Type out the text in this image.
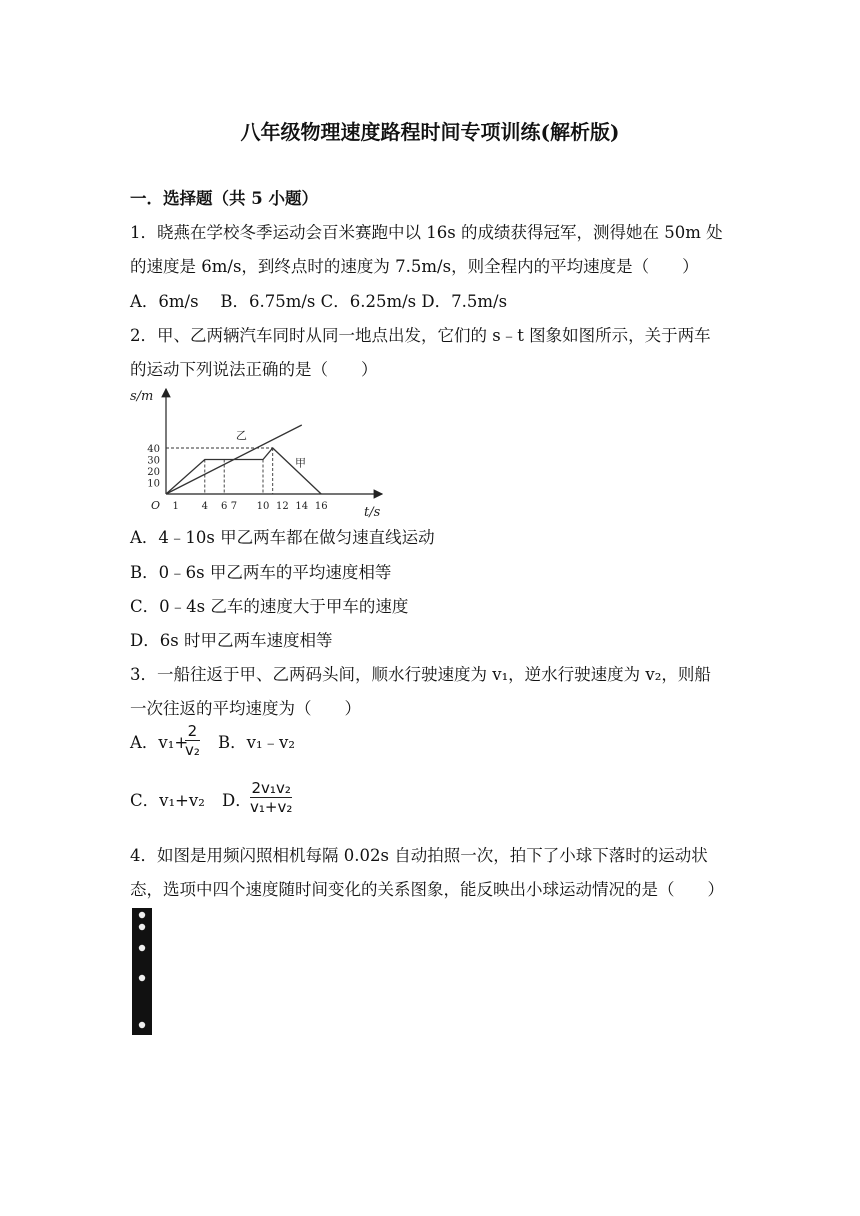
八年级物理速度路程时间专项训练(解析版)
一．选择题（共 5 小题）
1．晓燕在学校冬季运动会百米赛跑中以 16s 的成绩获得冠军，测得她在 50m 处
的速度是 6m/s，到终点时的速度为 7.5m/s，则全程内的平均速度是（　　）
A．6m/s　 B．6.75m/s C．6.25m/s D．7.5m/s
2．甲、乙两辆汽车同时从同一地点出发，它们的 s﹣t 图象如图所示，关于两车
的运动下列说法正确的是（　　）
乙
甲
1 4 6 7 10 12 14 16
10
20
30
40
O
s/m
t/s
A．4﹣10s 甲乙两车都在做匀速直线运动
B．0﹣6s 甲乙两车的平均速度相等
C．0﹣4s 乙车的速度大于甲车的速度
D．6s 时甲乙两车速度相等
3．一船往返于甲、乙两码头间，顺水行驶速度为 v₁，逆水行驶速度为 v₂，则船
一次往返的平均速度为（　　）
A．v₁+
2
v₂ B．v₁﹣v₂
C．v₁+v₂ D．
2v₁v₂
v₁+v₂
4．如图是用频闪照相机每隔 0.02s 自动拍照一次，拍下了小球下落时的运动状
态，选项中四个速度随时间变化的关系图象，能反映出小球运动情况的是（　　）
